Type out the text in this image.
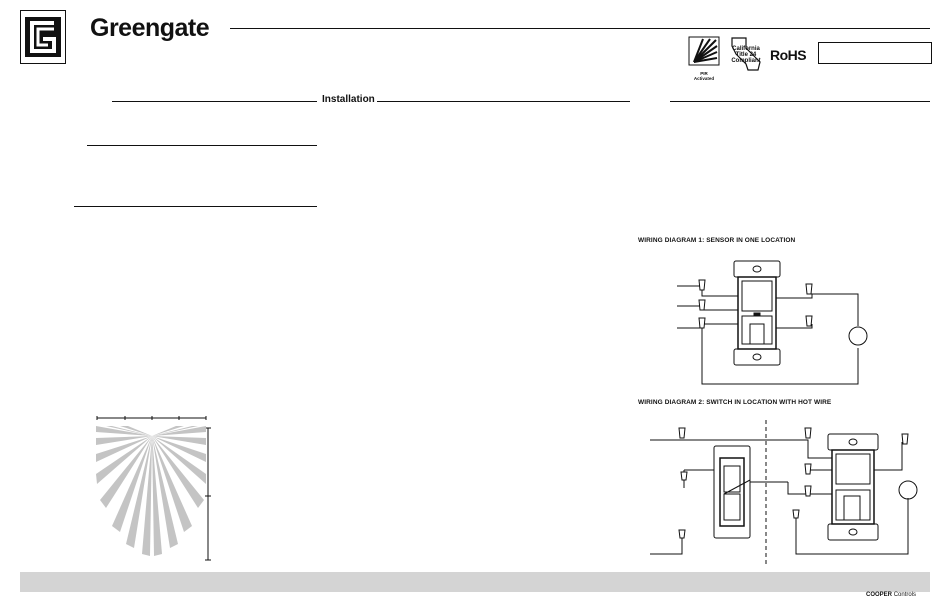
Greengate
PIR
Activated
California
Title 24
Compliant RoHS
Installation
WIRING DIAGRAM 1: SENSOR IN ONE LOCATION
WIRING DIAGRAM 2: SWITCH IN LOCATION WITH HOT WIRE
COOPER Controls
